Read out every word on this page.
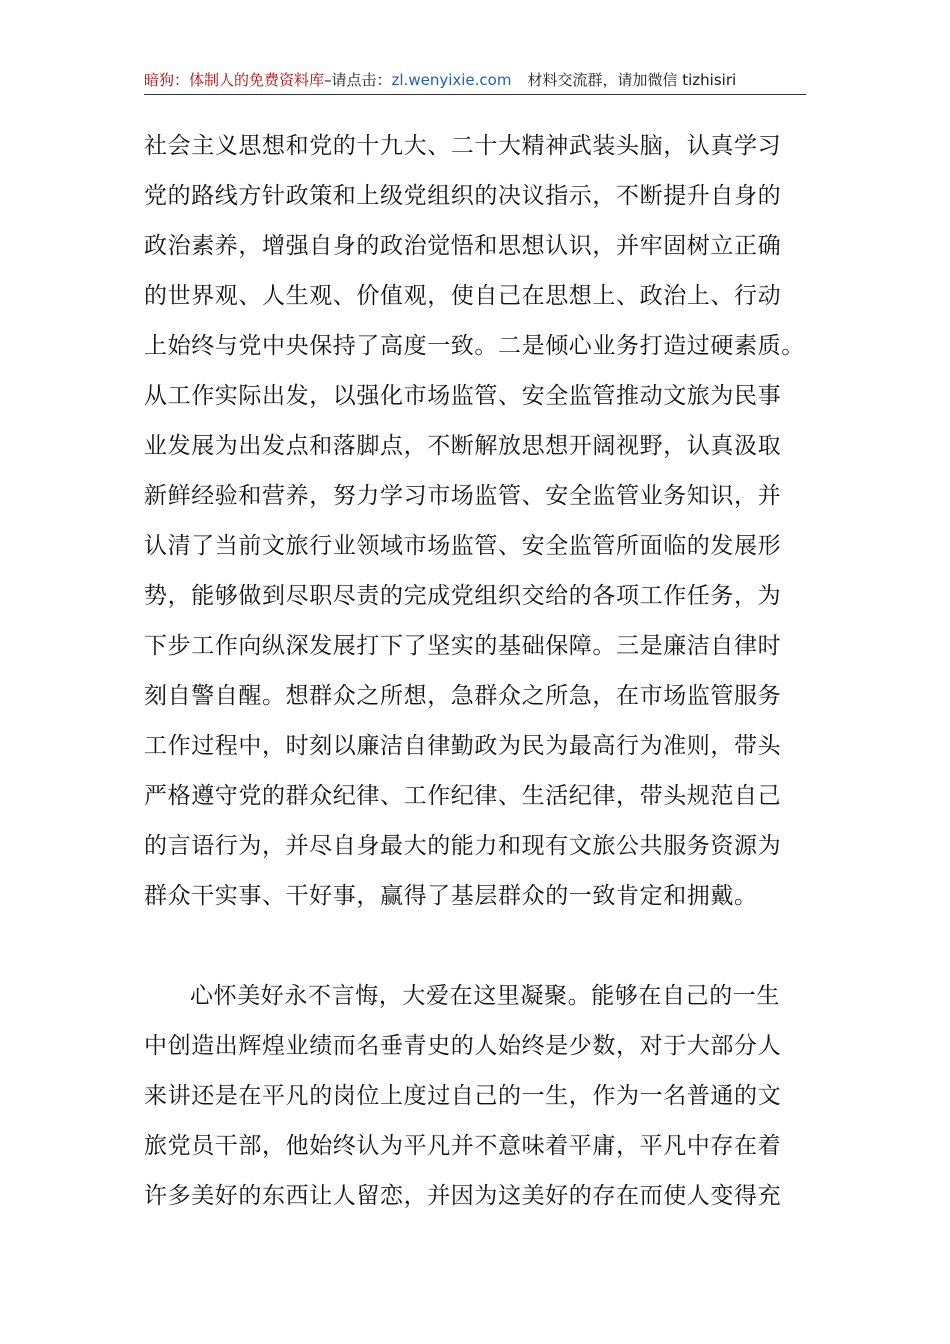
暗狗：体制人的免费资料库–请点击：zl.wenyixie.com 材料交流群，请加微信 tizhisiri
社会主义思想和党的十九大、二十大精神武装头脑，认真学习
党的路线方针政策和上级党组织的决议指示，不断提升自身的
政治素养，增强自身的政治觉悟和思想认识，并牢固树立正确
的世界观、人生观、价值观，使自己在思想上、政治上、行动
上始终与党中央保持了高度一致。二是倾心业务打造过硬素质。
从工作实际出发，以强化市场监管、安全监管推动文旅为民事
业发展为出发点和落脚点，不断解放思想开阔视野，认真汲取
新鲜经验和营养，努力学习市场监管、安全监管业务知识，并
认清了当前文旅行业领域市场监管、安全监管所面临的发展形
势，能够做到尽职尽责的完成党组织交给的各项工作任务，为
下步工作向纵深发展打下了坚实的基础保障。三是廉洁自律时
刻自警自醒。想群众之所想，急群众之所急，在市场监管服务
工作过程中，时刻以廉洁自律勤政为民为最高行为准则，带头
严格遵守党的群众纪律、工作纪律、生活纪律，带头规范自己
的言语行为，并尽自身最大的能力和现有文旅公共服务资源为
群众干实事、干好事，赢得了基层群众的一致肯定和拥戴。
心怀美好永不言悔，大爱在这里凝聚。能够在自己的一生
中创造出辉煌业绩而名垂青史的人始终是少数，对于大部分人
来讲还是在平凡的岗位上度过自己的一生，作为一名普通的文
旅党员干部，他始终认为平凡并不意味着平庸，平凡中存在着
许多美好的东西让人留恋，并因为这美好的存在而使人变得充
